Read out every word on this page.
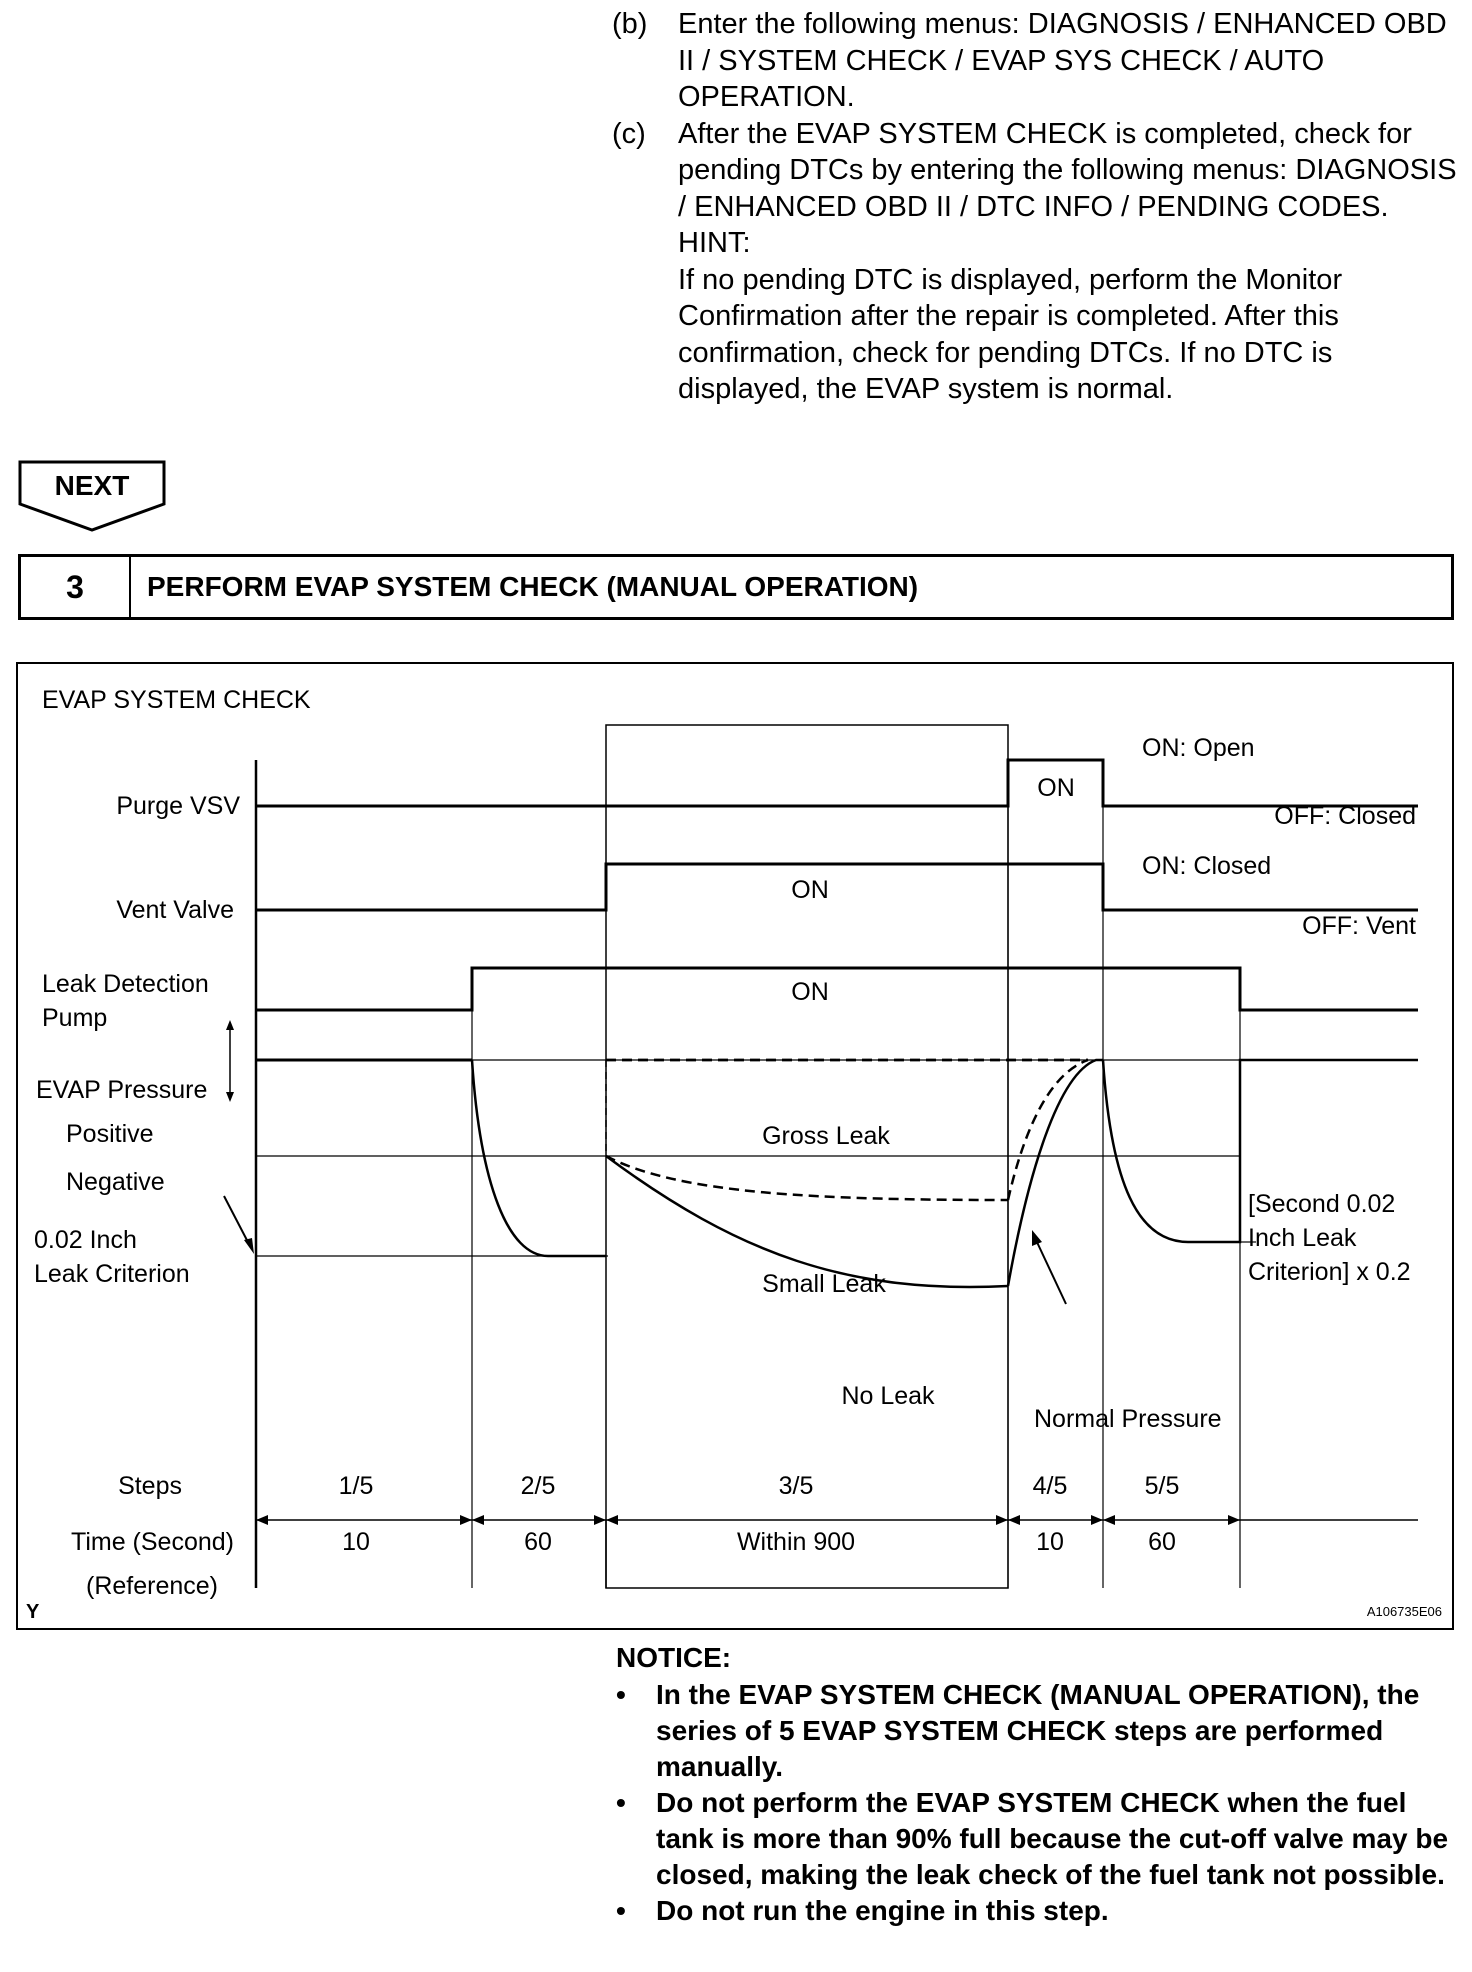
(b)	Enter the following menus: DIAGNOSIS / ENHANCED OBD II / SYSTEM CHECK / EVAP SYS CHECK / AUTO OPERATION.
(c)	After the EVAP SYSTEM CHECK is completed, check for pending DTCs by entering the following menus: DIAGNOSIS / ENHANCED OBD II / DTC INFO / PENDING CODES.
HINT:
If no pending DTC is displayed, perform the Monitor Confirmation after the repair is completed. After this confirmation, check for pending DTCs. If no DTC is displayed, the EVAP system is normal.
NEXT
3	PERFORM EVAP SYSTEM CHECK (MANUAL OPERATION)
EVAP SYSTEM CHECK
Purge VSV
Vent Valve
Leak Detection
Pump
EVAP Pressure
Positive
Negative
0.02 Inch
Leak Criterion
Steps
Time (Second)
(Reference)
ON
ON: Open
OFF: Closed
ON
ON: Closed
OFF: Vent
ON
Gross Leak
Small Leak
No Leak
Normal Pressure
[Second 0.02
Inch Leak
Criterion] x 0.2
1/5	2/5	3/5	4/5	5/5
10	60	Within 900	10	60
Y	A106735E06
NOTICE:
•	In the EVAP SYSTEM CHECK (MANUAL OPERATION), the series of 5 EVAP SYSTEM CHECK steps are performed manually.
•	Do not perform the EVAP SYSTEM CHECK when the fuel tank is more than 90% full because the cut-off valve may be closed, making the leak check of the fuel tank not possible.
•	Do not run the engine in this step.
